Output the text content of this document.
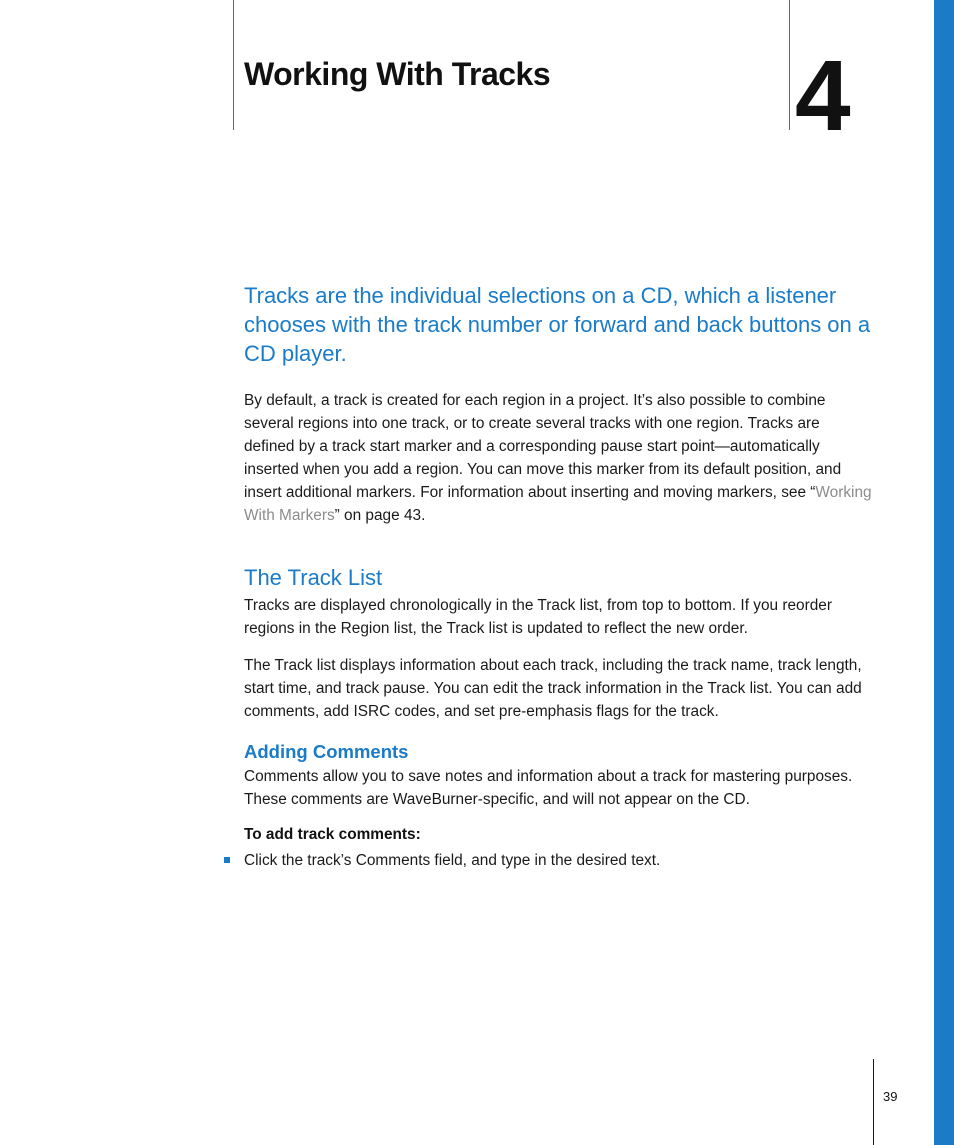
Working With Tracks 4

Tracks are the individual selections on a CD, which a listener chooses with the track number or forward and back buttons on a CD player.

By default, a track is created for each region in a project. It’s also possible to combine several regions into one track, or to create several tracks with one region. Tracks are defined by a track start marker and a corresponding pause start point—automatically inserted when you add a region. You can move this marker from its default position, and insert additional markers. For information about inserting and moving markers, see “Working With Markers” on page 43.

The Track List

Tracks are displayed chronologically in the Track list, from top to bottom. If you reorder regions in the Region list, the Track list is updated to reflect the new order.

The Track list displays information about each track, including the track name, track length, start time, and track pause. You can edit the track information in the Track list. You can add comments, add ISRC codes, and set pre-emphasis flags for the track.

Adding Comments

Comments allow you to save notes and information about a track for mastering purposes. These comments are WaveBurner-specific, and will not appear on the CD.

To add track comments:

Click the track’s Comments field, and type in the desired text.
39
